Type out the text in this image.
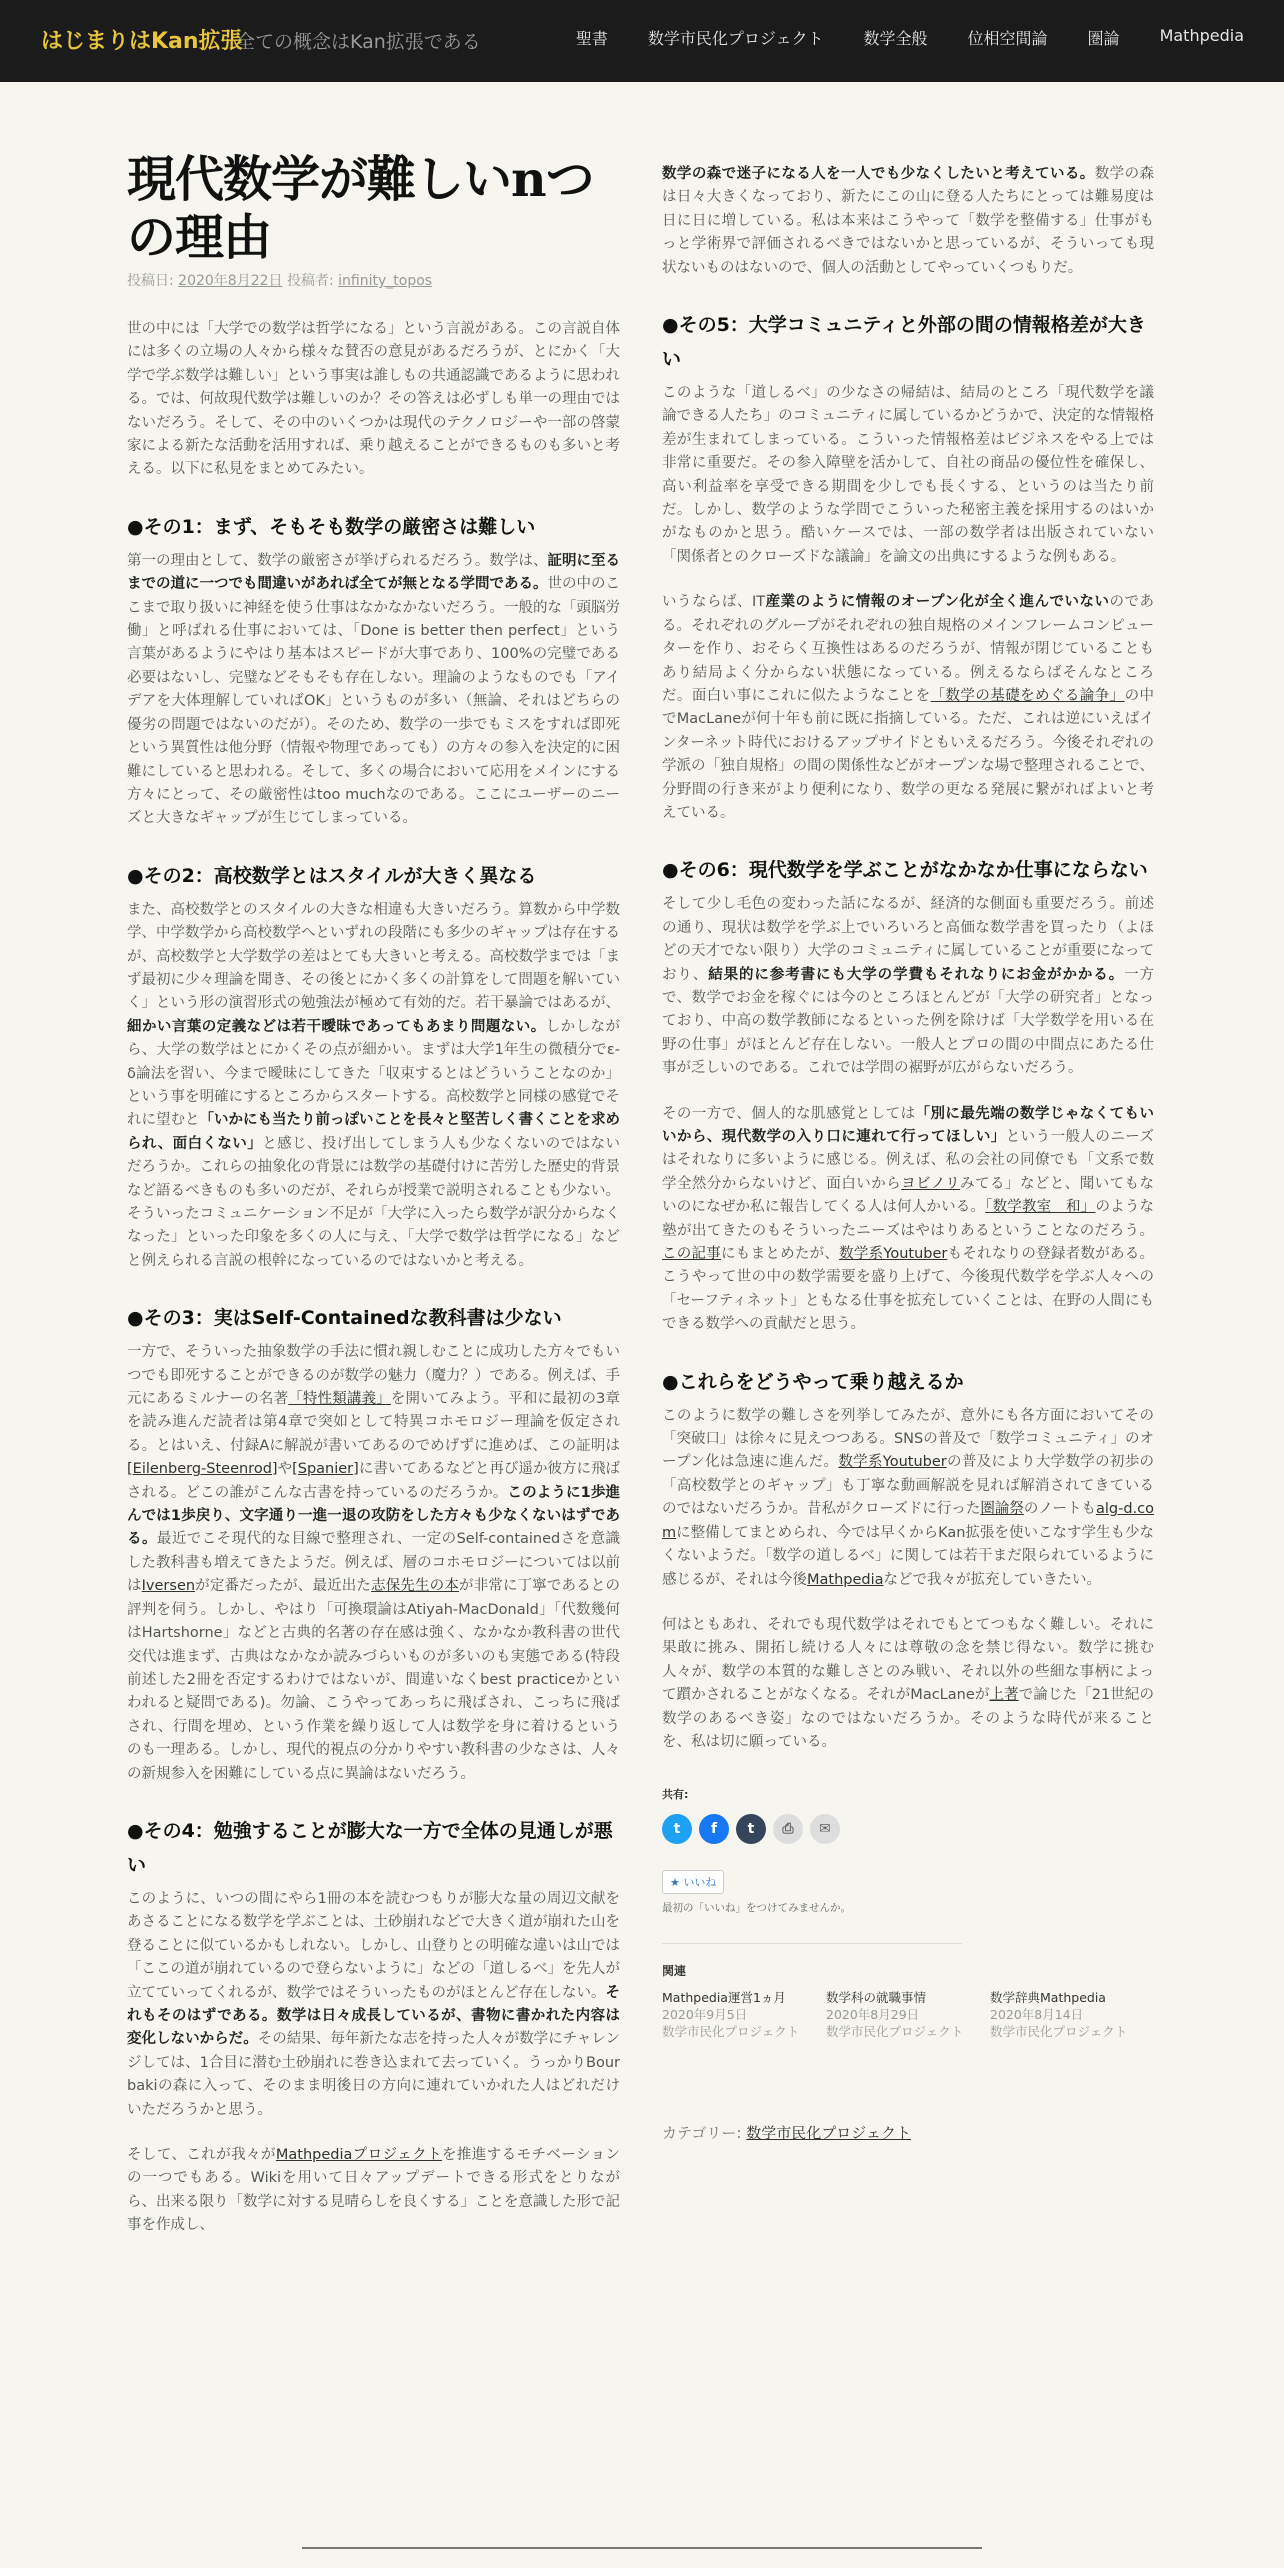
はじまりはKan拡張
全ての概念はKan拡張である	聖書	数学市民化プロジェクト	数学全般	位相空間論	圏論	Mathpedia
現代数学が難しいnつの理由
投稿日: 2020年8月22日 投稿者: infinity_topos

世の中には「大学での数学は哲学になる」という言説がある。この言説自体には多くの立場の人々から様々な賛否の意見があるだろうが、とにかく「大学で学ぶ数学は難しい」という事実は誰しもの共通認識であるように思われる。では、何故現代数学は難しいのか？その答えは必ずしも単一の理由ではないだろう。そして、その中のいくつかは現代のテクノロジーや一部の啓蒙家による新たな活動を活用すれば、乗り越えることができるものも多いと考える。以下に私見をまとめてみたい。

●その1：まず、そもそも数学の厳密さは難しい

第一の理由として、数学の厳密さが挙げられるだろう。数学は、証明に至るまでの道に一つでも間違いがあれば全てが無となる学問である。世の中のここまで取り扱いに神経を使う仕事はなかなかないだろう。一般的な「頭脳労働」と呼ばれる仕事においては、「Done is better then perfect」という言葉があるようにやはり基本はスピードが大事であり、100%の完璧である必要はないし、完璧などそもそも存在しない。理論のようなものでも「アイデアを大体理解していればOK」というものが多い（無論、それはどちらの優劣の問題ではないのだが）。そのため、数学の一歩でもミスをすれば即死という異質性は他分野（情報や物理であっても）の方々の参入を決定的に困難にしていると思われる。そして、多くの場合において応用をメインにする方々にとって、その厳密性はtoo muchなのである。ここにユーザーのニーズと大きなギャップが生じてしまっている。

●その2：高校数学とはスタイルが大きく異なる

また、高校数学とのスタイルの大きな相違も大きいだろう。算数から中学数学、中学数学から高校数学へといずれの段階にも多少のギャップは存在するが、高校数学と大学数学の差はとても大きいと考える。高校数学までは「まず最初に少々理論を聞き、その後とにかく多くの計算をして問題を解いていく」という形の演習形式の勉強法が極めて有効的だ。若干暴論ではあるが、細かい言葉の定義などは若干曖昧であってもあまり問題ない。しかしながら、大学の数学はとにかくその点が細かい。まずは大学1年生の微積分でε-δ論法を習い、今まで曖昧にしてきた「収束するとはどういうことなのか」という事を明確にするところからスタートする。高校数学と同様の感覚でそれに望むと「いかにも当たり前っぽいことを長々と堅苦しく書くことを求められ、面白くない」と感じ、投げ出してしまう人も少なくないのではないだろうか。これらの抽象化の背景には数学の基礎付けに苦労した歴史的背景など語るべきものも多いのだが、それらが授業で説明されることも少ない。そういったコミュニケーション不足が「大学に入ったら数学が訳分からなくなった」といった印象を多くの人に与え、「大学で数学は哲学になる」などと例えられる言説の根幹になっているのではないかと考える。

●その3：実はSelf-Containedな教科書は少ない

一方で、そういった抽象数学の手法に慣れ親しむことに成功した方々でもいつでも即死することができるのが数学の魅力（魔力？）である。例えば、手元にあるミルナーの名著「特性類講義」を開いてみよう。平和に最初の3章を読み進んだ読者は第4章で突如として特異コホモロジー理論を仮定される。とはいえ、付録Aに解説が書いてあるのでめげずに進めば、この証明は[Eilenberg-Steenrod]や[Spanier]に書いてあるなどと再び遥か彼方に飛ばされる。どこの誰がこんな古書を持っているのだろうか。このように1歩進んでは1歩戻り、文字通り一進一退の攻防をした方々も少なくないはずである。最近でこそ現代的な目線で整理され、一定のSelf-containedさを意識した教科書も増えてきたようだ。例えば、層のコホモロジーについては以前はIversenが定番だったが、最近出た志保先生の本が非常に丁寧であるとの評判を伺う。しかし、やはり「可換環論はAtiyah-MacDonald」「代数幾何はHartshorne」などと古典的名著の存在感は強く、なかなか教科書の世代交代は進まず、古典はなかなか読みづらいものが多いのも実態である(特段前述した2冊を否定するわけではないが、間違いなくbest practiceかといわれると疑問である)。勿論、こうやってあっちに飛ばされ、こっちに飛ばされ、行間を埋め、という作業を繰り返して人は数学を身に着けるというのも一理ある。しかし、現代的視点の分かりやすい教科書の少なさは、人々の新規参入を困難にしている点に異論はないだろう。

●その4：勉強することが膨大な一方で全体の見通しが悪い

このように、いつの間にやら1冊の本を読むつもりが膨大な量の周辺文献をあさることになる数学を学ぶことは、土砂崩れなどで大きく道が崩れた山を登ることに似ているかもしれない。しかし、山登りとの明確な違いは山では「ここの道が崩れているので登らないように」などの「道しるべ」を先人が立てていってくれるが、数学ではそういったものがほとんど存在しない。それもそのはずである。数学は日々成長しているが、書物に書かれた内容は変化しないからだ。その結果、毎年新たな志を持った人々が数学にチャレンジしては、1合目に潜む土砂崩れに巻き込まれて去っていく。うっかりBourbakiの森に入って、そのまま明後日の方向に連れていかれた人はどれだけいただろうかと思う。

そして、これが我々がMathpediaプロジェクトを推進するモチベーションの一つでもある。Wikiを用いて日々アップデートできる形式をとりながら、出来る限り「数学に対する見晴らしを良くする」ことを意識した形で記事を作成し、

数学の森で迷子になる人を一人でも少なくしたいと考えている。数学の森は日々大きくなっており、新たにこの山に登る人たちにとっては難易度は日に日に増している。私は本来はこうやって「数学を整備する」仕事がもっと学術界で評価されるべきではないかと思っているが、そういっても現状ないものはないので、個人の活動としてやっていくつもりだ。

●その5：大学コミュニティと外部の間の情報格差が大きい

このような「道しるべ」の少なさの帰結は、結局のところ「現代数学を議論できる人たち」のコミュニティに属しているかどうかで、決定的な情報格差が生まれてしまっている。こういった情報格差はビジネスをやる上では非常に重要だ。その参入障壁を活かして、自社の商品の優位性を確保し、高い利益率を享受できる期間を少しでも長くする、というのは当たり前だ。しかし、数学のような学問でこういった秘密主義を採用するのはいかがなものかと思う。酷いケースでは、一部の数学者は出版されていない「関係者とのクローズドな議論」を論文の出典にするような例もある。

いうならば、IT産業のように情報のオープン化が全く進んでいないのである。それぞれのグループがそれぞれの独自規格のメインフレームコンピューターを作り、おそらく互換性はあるのだろうが、情報が閉じていることもあり結局よく分からない状態になっている。例えるならばそんなところだ。面白い事にこれに似たようなことを「数学の基礎をめぐる論争」の中でMacLaneが何十年も前に既に指摘している。ただ、これは逆にいえばインターネット時代におけるアップサイドともいえるだろう。今後それぞれの学派の「独自規格」の間の関係性などがオープンな場で整理されることで、分野間の行き来がより便利になり、数学の更なる発展に繋がればよいと考えている。

●その6：現代数学を学ぶことがなかなか仕事にならない

そして少し毛色の変わった話になるが、経済的な側面も重要だろう。前述の通り、現状は数学を学ぶ上でいろいろと高価な数学書を買ったり（よほどの天才でない限り）大学のコミュニティに属していることが重要になっており、結果的に参考書にも大学の学費もそれなりにお金がかかる。一方で、数学でお金を稼ぐには今のところほとんどが「大学の研究者」となっており、中高の数学教師になるといった例を除けば「大学数学を用いる在野の仕事」がほとんど存在しない。一般人とプロの間の中間点にあたる仕事が乏しいのである。これでは学問の裾野が広がらないだろう。

その一方で、個人的な肌感覚としては「別に最先端の数学じゃなくてもいいから、現代数学の入り口に連れて行ってほしい」という一般人のニーズはそれなりに多いように感じる。例えば、私の会社の同僚でも「文系で数学全然分からないけど、面白いからヨビノリみてる」などと、聞いてもないのになぜか私に報告してくる人は何人かいる。「数学教室　和」のような塾が出てきたのもそういったニーズはやはりあるということなのだろう。この記事にもまとめたが、数学系Youtuberもそれなりの登録者数がある。こうやって世の中の数学需要を盛り上げて、今後現代数学を学ぶ人々への「セーフティネット」ともなる仕事を拡充していくことは、在野の人間にもできる数学への貢献だと思う。

●これらをどうやって乗り越えるか

このように数学の難しさを列挙してみたが、意外にも各方面においてその「突破口」は徐々に見えつつある。SNSの普及で「数学コミュニティ」のオープン化は急速に進んだ。数学系Youtuberの普及により大学数学の初歩の「高校数学とのギャップ」も丁寧な動画解説を見れば解消されてきているのではないだろうか。昔私がクローズドに行った圏論祭のノートもalg-d.comに整備してまとめられ、今では早くからKan拡張を使いこなす学生も少なくないようだ。「数学の道しるべ」に関しては若干まだ限られているように感じるが、それは今後Mathpediaなどで我々が拡充していきたい。

何はともあれ、それでも現代数学はそれでもとてつもなく難しい。それに果敢に挑み、開拓し続ける人々には尊敬の念を禁じ得ない。数学に挑む人々が、数学の本質的な難しさとのみ戦い、それ以外の些細な事柄によって躓かされることがなくなる。それがMacLaneが上著で論じた「21世紀の数学のあるべき姿」なのではないだろうか。そのような時代が来ることを、私は切に願っている。

共有:
t	f	t	⎙	✉
★ いいね
最初の「いいね」をつけてみませんか。
関連
Mathpedia運営1ヵ月
2020年9月5日
数学市民化プロジェクト
数学科の就職事情
2020年8月29日
数学市民化プロジェクト
数学辞典Mathpedia
2020年8月14日
数学市民化プロジェクト
カテゴリー: 数学市民化プロジェクト
